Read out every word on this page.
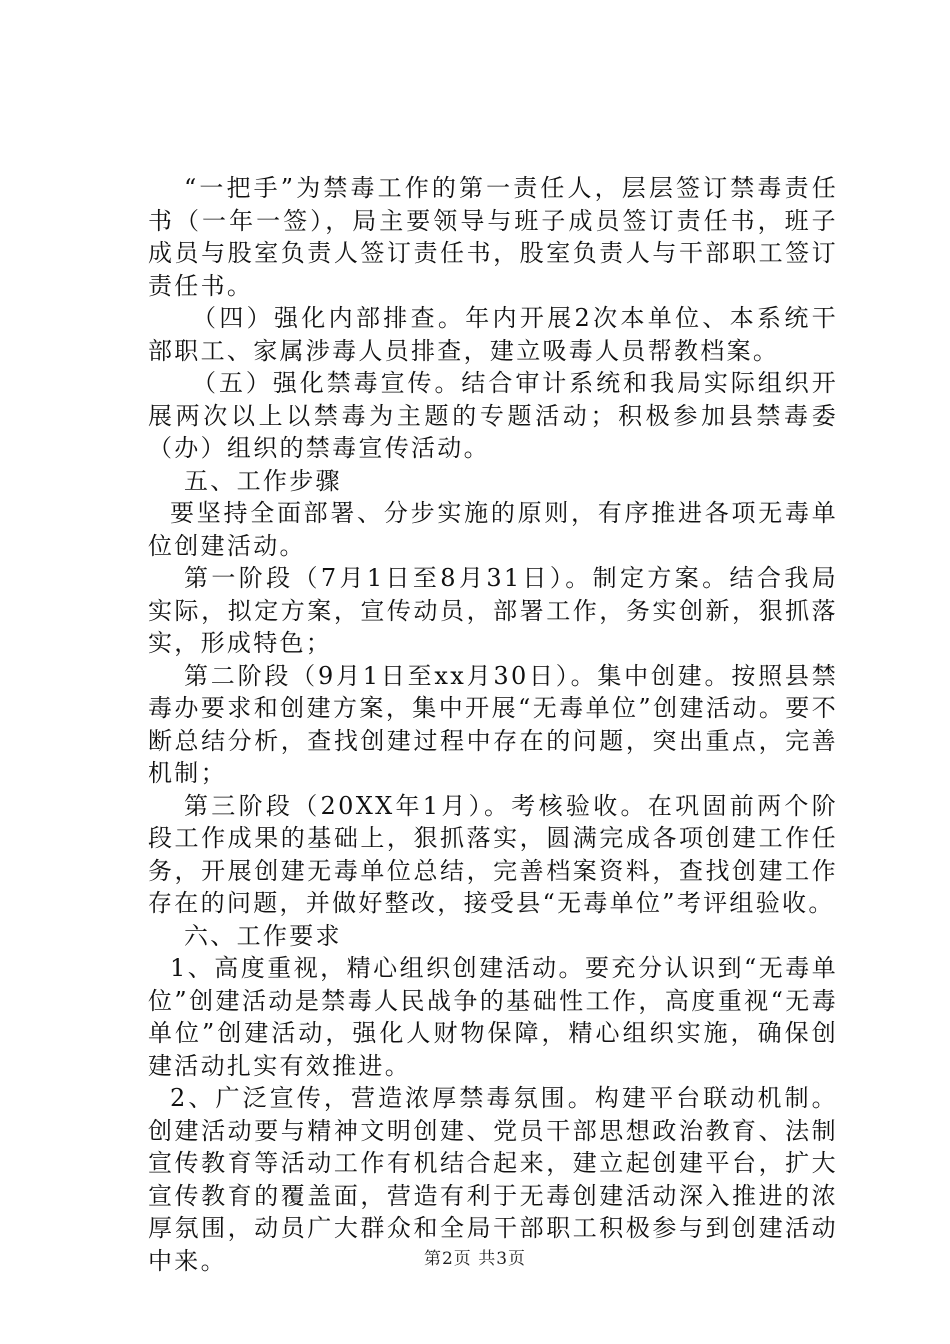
“一把手”为禁毒工作的第一责任人，层层签订禁毒责任书（一年一签），局主要领导与班子成员签订责任书，班子成员与股室负责人签订责任书，股室负责人与干部职工签订责任书。

（四）强化内部排查。年内开展2次本单位、本系统干部职工、家属涉毒人员排查，建立吸毒人员帮教档案。

（五）强化禁毒宣传。结合审计系统和我局实际组织开展两次以上以禁毒为主题的专题活动；积极参加县禁毒委（办）组织的禁毒宣传活动。

五、工作步骤

要坚持全面部署、分步实施的原则，有序推进各项无毒单位创建活动。

第一阶段（7月1日至8月31日）。制定方案。结合我局实际，拟定方案，宣传动员，部署工作，务实创新，狠抓落实，形成特色；

第二阶段（9月1日至xx月30日）。集中创建。按照县禁毒办要求和创建方案，集中开展“无毒单位”创建活动。要不断总结分析，查找创建过程中存在的问题，突出重点，完善机制；

第三阶段（20XX年1月）。考核验收。在巩固前两个阶段工作成果的基础上，狠抓落实，圆满完成各项创建工作任务，开展创建无毒单位总结，完善档案资料，查找创建工作存在的问题，并做好整改，接受县“无毒单位”考评组验收。

六、工作要求

1、高度重视，精心组织创建活动。要充分认识到“无毒单位”创建活动是禁毒人民战争的基础性工作，高度重视“无毒单位”创建活动，强化人财物保障，精心组织实施，确保创建活动扎实有效推进。

2、广泛宣传，营造浓厚禁毒氛围。构建平台联动机制。创建活动要与精神文明创建、党员干部思想政治教育、法制宣传教育等活动工作有机结合起来，建立起创建平台，扩大宣传教育的覆盖面，营造有利于无毒创建活动深入推进的浓厚氛围，动员广大群众和全局干部职工积极参与到创建活动中来。	第2页 共3页
